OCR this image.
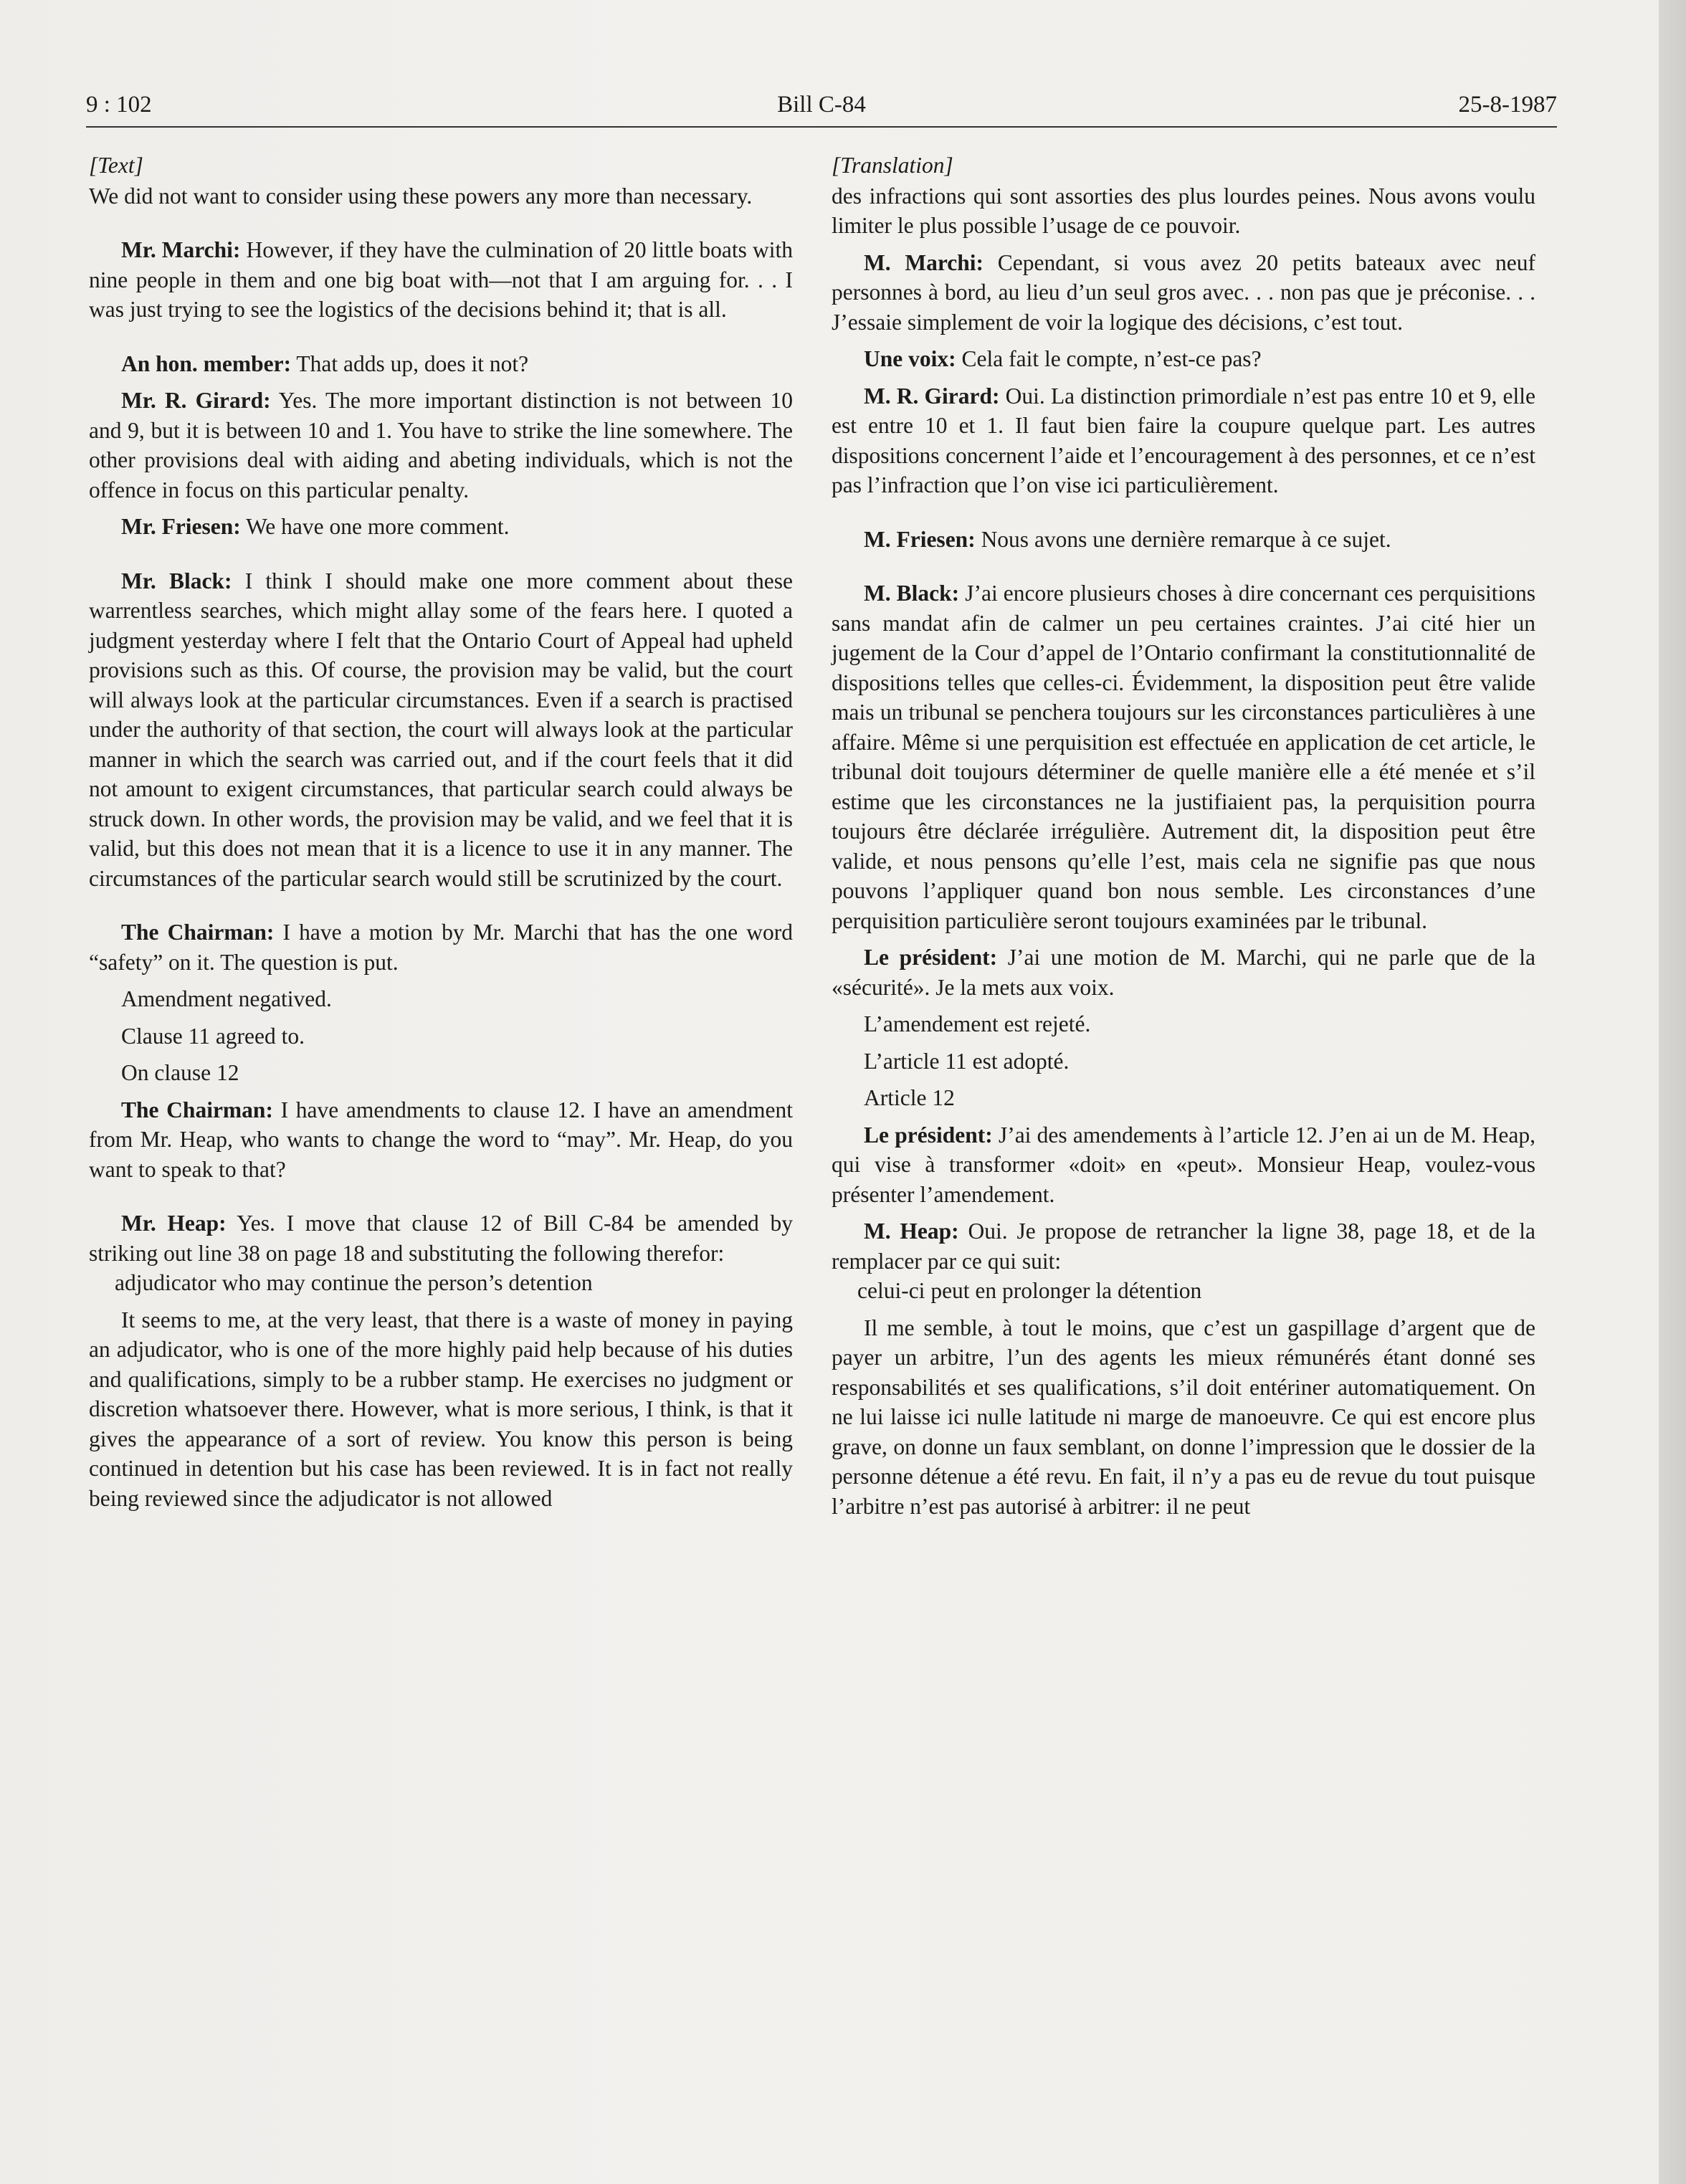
9 : 102	Bill C-84	25-8-1987

[Text]

We did not want to consider using these powers any more than necessary.

Mr. Marchi: However, if they have the culmination of 20 little boats with nine people in them and one big boat with—not that I am arguing for. . . I was just trying to see the logistics of the decisions behind it; that is all.

An hon. member: That adds up, does it not?

Mr. R. Girard: Yes. The more important distinction is not between 10 and 9, but it is between 10 and 1. You have to strike the line somewhere. The other provisions deal with aiding and abeting individuals, which is not the offence in focus on this particular penalty.

Mr. Friesen: We have one more comment.

Mr. Black: I think I should make one more comment about these warrentless searches, which might allay some of the fears here. I quoted a judgment yesterday where I felt that the Ontario Court of Appeal had upheld provisions such as this. Of course, the provision may be valid, but the court will always look at the particular circumstances. Even if a search is practised under the authority of that section, the court will always look at the particular manner in which the search was carried out, and if the court feels that it did not amount to exigent circumstances, that particular search could always be struck down. In other words, the provision may be valid, and we feel that it is valid, but this does not mean that it is a licence to use it in any manner. The circumstances of the particular search would still be scrutinized by the court.

The Chairman: I have a motion by Mr. Marchi that has the one word “safety” on it. The question is put.

Amendment negatived.

Clause 11 agreed to.

On clause 12

The Chairman: I have amendments to clause 12. I have an amendment from Mr. Heap, who wants to change the word to “may”. Mr. Heap, do you want to speak to that?

Mr. Heap: Yes. I move that clause 12 of Bill C-84 be amended by striking out line 38 on page 18 and substituting the following therefor:

adjudicator who may continue the person’s detention

It seems to me, at the very least, that there is a waste of money in paying an adjudicator, who is one of the more highly paid help because of his duties and qualifications, simply to be a rubber stamp. He exercises no judgment or discretion whatsoever there. However, what is more serious, I think, is that it gives the appearance of a sort of review. You know this person is being continued in detention but his case has been reviewed. It is in fact not really being reviewed since the adjudicator is not allowed

[Translation]

des infractions qui sont assorties des plus lourdes peines. Nous avons voulu limiter le plus possible l’usage de ce pouvoir.

M. Marchi: Cependant, si vous avez 20 petits bateaux avec neuf personnes à bord, au lieu d’un seul gros avec. . . non pas que je préconise. . . J’essaie simplement de voir la logique des décisions, c’est tout.

Une voix: Cela fait le compte, n’est-ce pas?

M. R. Girard: Oui. La distinction primordiale n’est pas entre 10 et 9, elle est entre 10 et 1. Il faut bien faire la coupure quelque part. Les autres dispositions concernent l’aide et l’encouragement à des personnes, et ce n’est pas l’infraction que l’on vise ici particulièrement.

M. Friesen: Nous avons une dernière remarque à ce sujet.

M. Black: J’ai encore plusieurs choses à dire concernant ces perquisitions sans mandat afin de calmer un peu certaines craintes. J’ai cité hier un jugement de la Cour d’appel de l’Ontario confirmant la constitutionnalité de dispositions telles que celles-ci. Évidemment, la disposition peut être valide mais un tribunal se penchera toujours sur les circonstances particulières à une affaire. Même si une perquisition est effectuée en application de cet article, le tribunal doit toujours déterminer de quelle manière elle a été menée et s’il estime que les circonstances ne la justifiaient pas, la perquisition pourra toujours être déclarée irrégulière. Autrement dit, la disposition peut être valide, et nous pensons qu’elle l’est, mais cela ne signifie pas que nous pouvons l’appliquer quand bon nous semble. Les circonstances d’une perquisition particulière seront toujours examinées par le tribunal.

Le président: J’ai une motion de M. Marchi, qui ne parle que de la «sécurité». Je la mets aux voix.

L’amendement est rejeté.

L’article 11 est adopté.

Article 12

Le président: J’ai des amendements à l’article 12. J’en ai un de M. Heap, qui vise à transformer «doit» en «peut». Monsieur Heap, voulez-vous présenter l’amendement.

M. Heap: Oui. Je propose de retrancher la ligne 38, page 18, et de la remplacer par ce qui suit:

celui-ci peut en prolonger la détention

Il me semble, à tout le moins, que c’est un gaspillage d’argent que de payer un arbitre, l’un des agents les mieux rémunérés étant donné ses responsabilités et ses qualifications, s’il doit entériner automatiquement. On ne lui laisse ici nulle latitude ni marge de manoeuvre. Ce qui est encore plus grave, on donne un faux semblant, on donne l’impression que le dossier de la personne détenue a été revu. En fait, il n’y a pas eu de revue du tout puisque l’arbitre n’est pas autorisé à arbitrer: il ne peut
